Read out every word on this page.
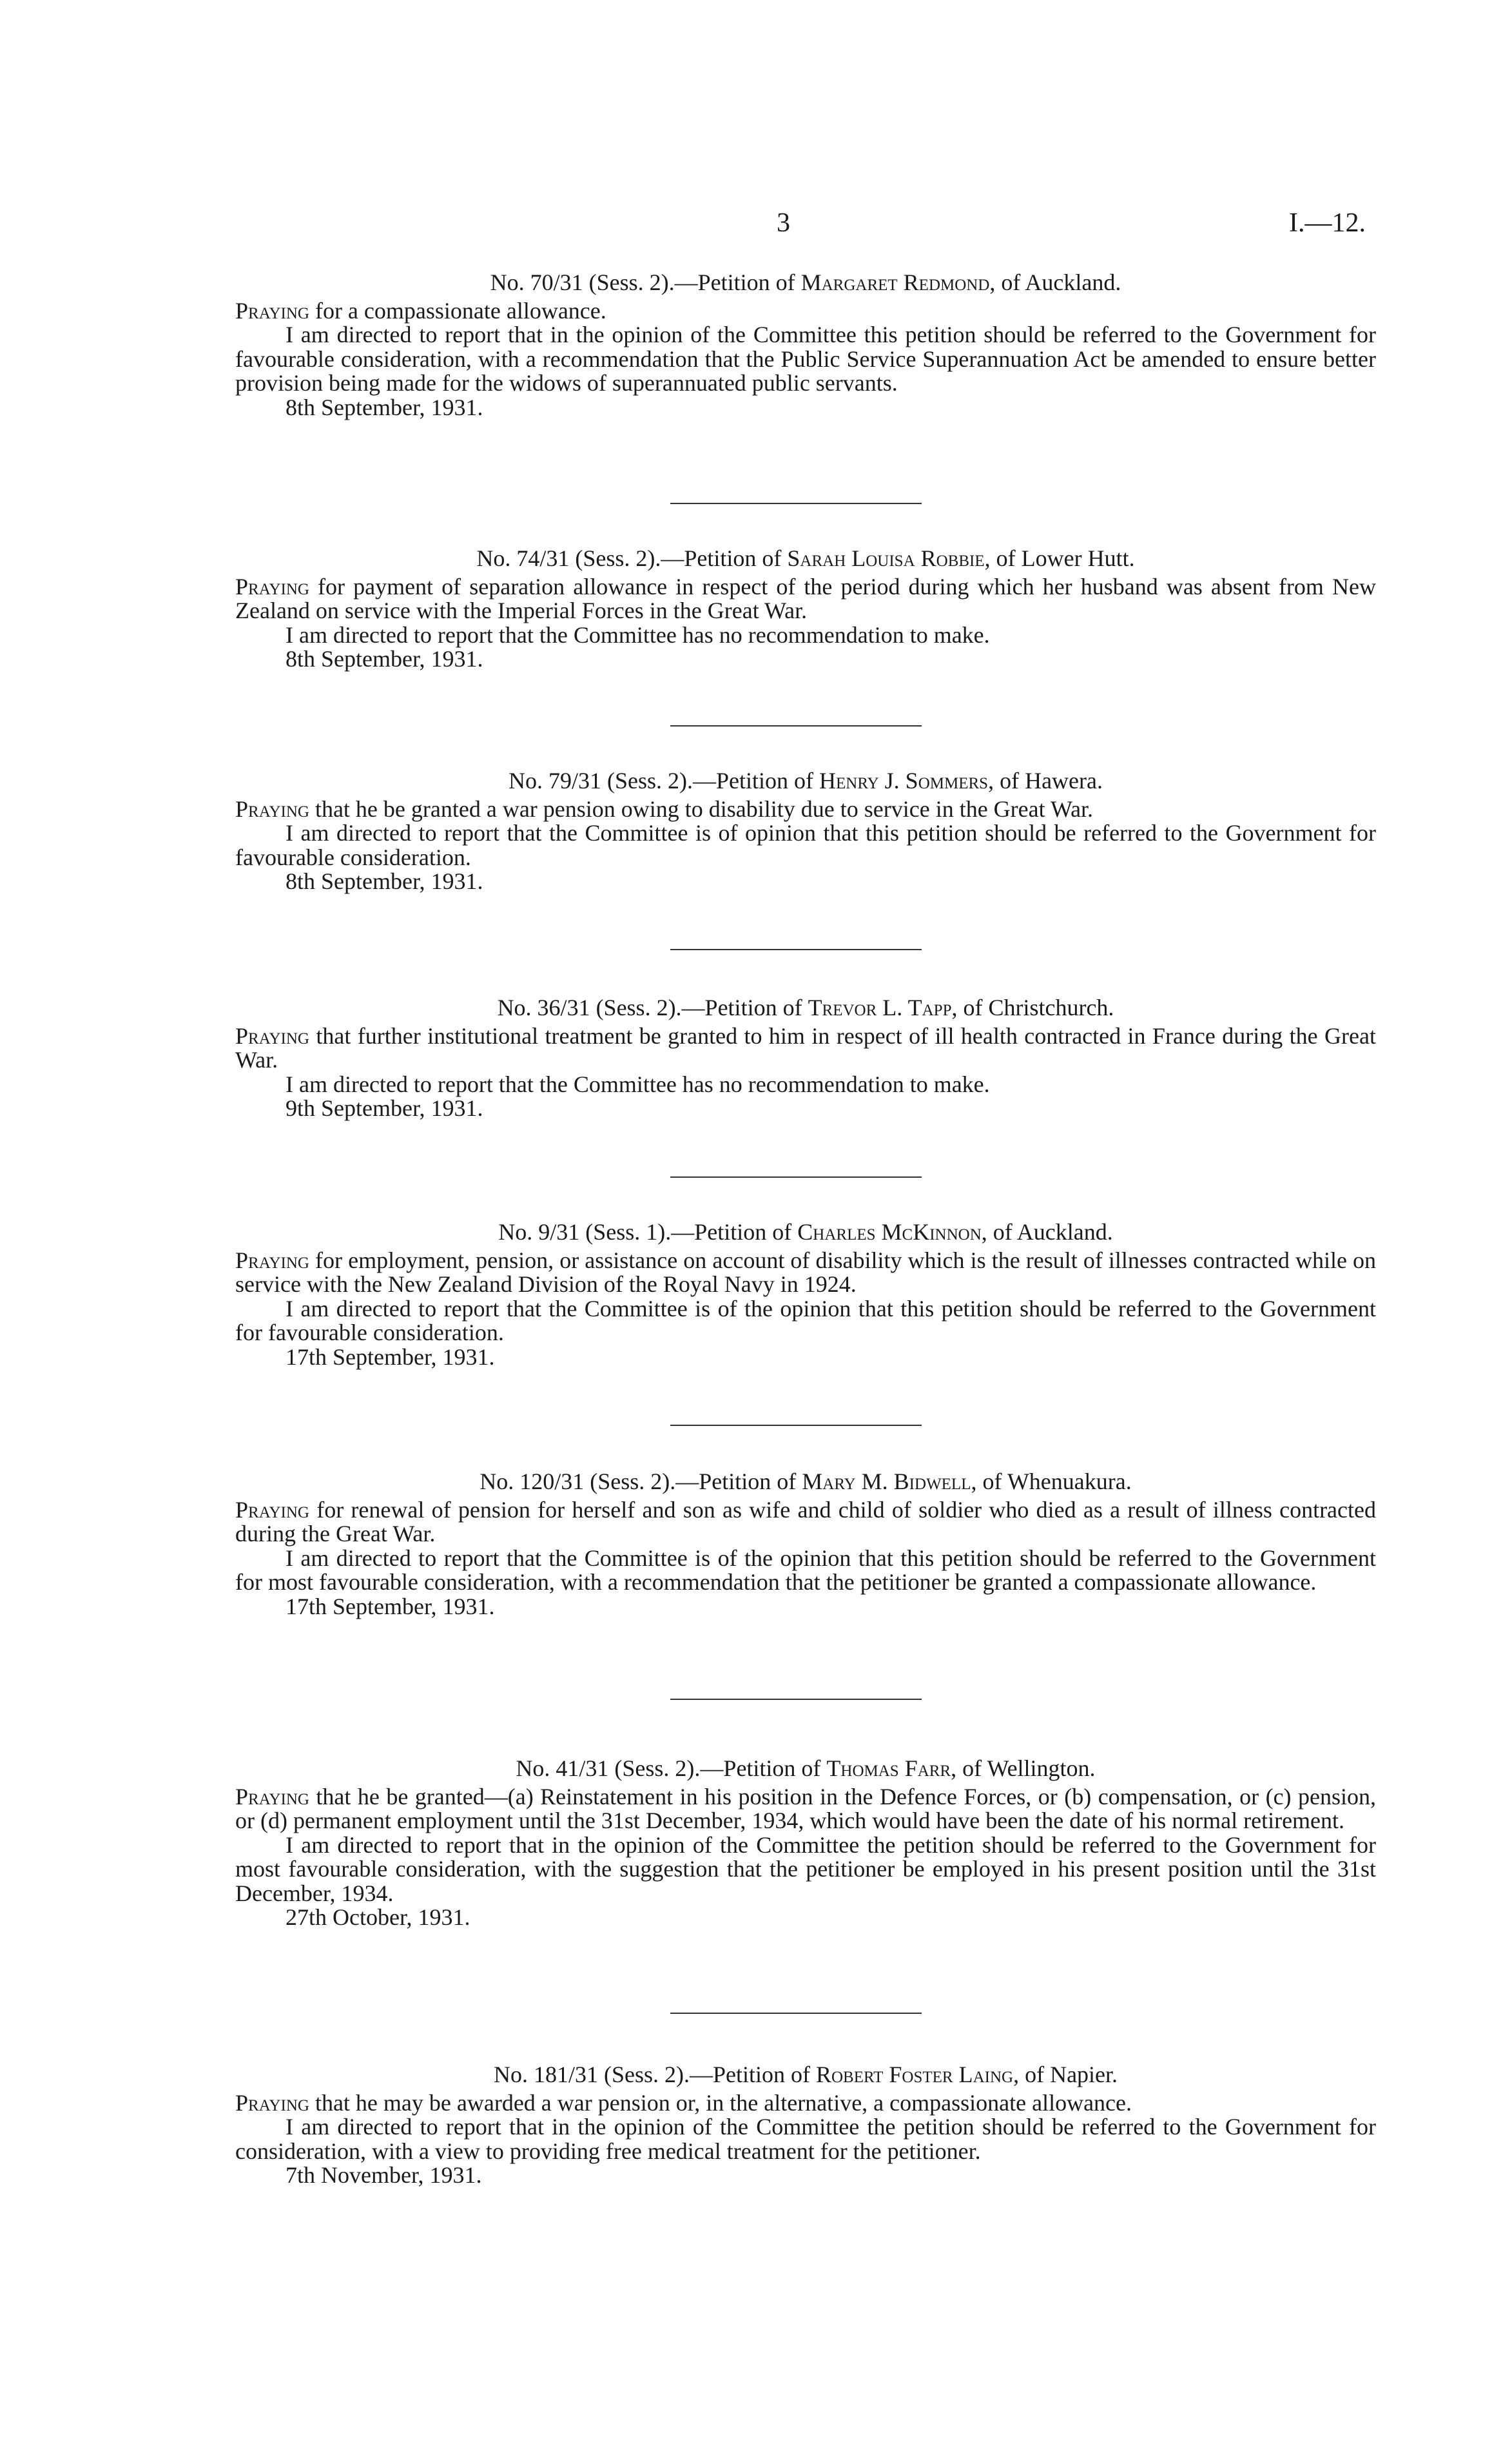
3	I.—12.

No. 70/31 (Sess. 2).—Petition of Margaret Redmond, of Auckland.

Praying for a compassionate allowance.

I am directed to report that in the opinion of the Committee this petition should be referred to the Government for favourable consideration, with a recommendation that the Public Service Superannuation Act be amended to ensure better provision being made for the widows of superannuated public servants.

8th September, 1931.

No. 74/31 (Sess. 2).—Petition of Sarah Louisa Robbie, of Lower Hutt.

Praying for payment of separation allowance in respect of the period during which her husband was absent from New Zealand on service with the Imperial Forces in the Great War.

I am directed to report that the Committee has no recommendation to make.

8th September, 1931.

No. 79/31 (Sess. 2).—Petition of Henry J. Sommers, of Hawera.

Praying that he be granted a war pension owing to disability due to service in the Great War.

I am directed to report that the Committee is of opinion that this petition should be referred to the Government for favourable consideration.

8th September, 1931.

No. 36/31 (Sess. 2).—Petition of Trevor L. Tapp, of Christchurch.

Praying that further institutional treatment be granted to him in respect of ill health contracted in France during the Great War.

I am directed to report that the Committee has no recommendation to make.

9th September, 1931.

No. 9/31 (Sess. 1).—Petition of Charles McKinnon, of Auckland.

Praying for employment, pension, or assistance on account of disability which is the result of illnesses contracted while on service with the New Zealand Division of the Royal Navy in 1924.

I am directed to report that the Committee is of the opinion that this petition should be referred to the Government for favourable consideration.

17th September, 1931.

No. 120/31 (Sess. 2).—Petition of Mary M. Bidwell, of Whenuakura.

Praying for renewal of pension for herself and son as wife and child of soldier who died as a result of illness contracted during the Great War.

I am directed to report that the Committee is of the opinion that this petition should be referred to the Government for most favourable consideration, with a recommendation that the petitioner be granted a compassionate allowance.

17th September, 1931.

No. 41/31 (Sess. 2).—Petition of Thomas Farr, of Wellington.

Praying that he be granted—(a) Reinstatement in his position in the Defence Forces, or (b) compensation, or (c) pension, or (d) permanent employment until the 31st December, 1934, which would have been the date of his normal retirement.

I am directed to report that in the opinion of the Committee the petition should be referred to the Government for most favourable consideration, with the suggestion that the petitioner be employed in his present position until the 31st December, 1934.

27th October, 1931.

No. 181/31 (Sess. 2).—Petition of Robert Foster Laing, of Napier.

Praying that he may be awarded a war pension or, in the alternative, a compassionate allowance.

I am directed to report that in the opinion of the Committee the petition should be referred to the Government for consideration, with a view to providing free medical treatment for the petitioner.

7th November, 1931.
